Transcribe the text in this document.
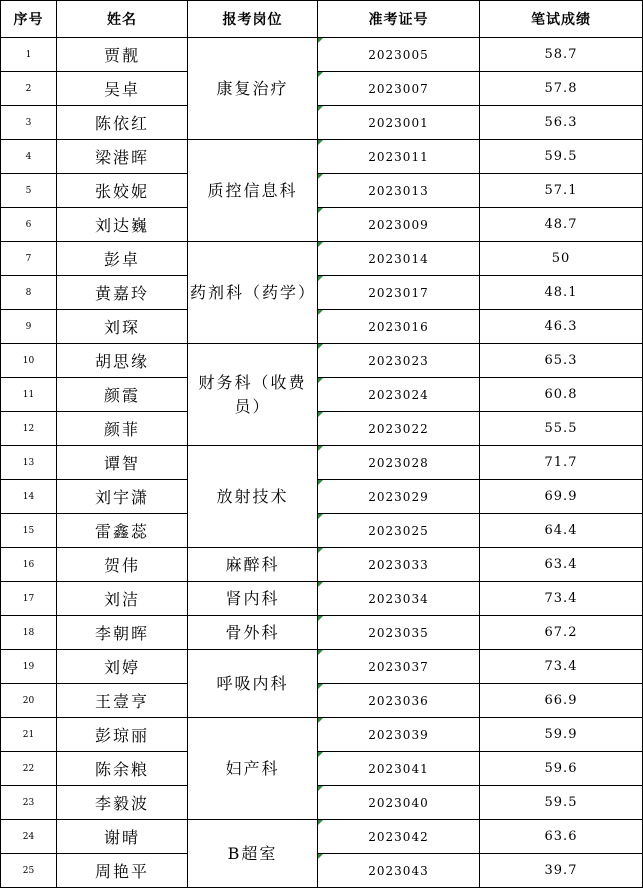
序号	姓名	报考岗位	准考证号	笔试成绩
1	贾靓	康复治疗	2023005	58.7
2	吴卓		2023007	57.8
3	陈依红		2023001	56.3
4	梁港晖	质控信息科	2023011	59.5
5	张姣妮		2023013	57.1
6	刘达巍		2023009	48.7
7	彭卓	药剂科（药学）	2023014	50
8	黄嘉玲		2023017	48.1
9	刘琛		2023016	46.3
10	胡思缘	财务科（收费员）	2023023	65.3
11	颜霞		2023024	60.8
12	颜菲		2023022	55.5
13	谭智	放射技术	2023028	71.7
14	刘宇潇		2023029	69.9
15	雷鑫蕊		2023025	64.4
16	贺伟	麻醉科	2023033	63.4
17	刘洁	肾内科	2023034	73.4
18	李朝晖	骨外科	2023035	67.2
19	刘婷	呼吸内科	2023037	73.4
20	王壹亨		2023036	66.9
21	彭琼丽	妇产科	2023039	59.9
22	陈余粮		2023041	59.6
23	李毅波		2023040	59.5
24	谢晴	B超室	2023042	63.6
25	周艳平		2023043	39.7
